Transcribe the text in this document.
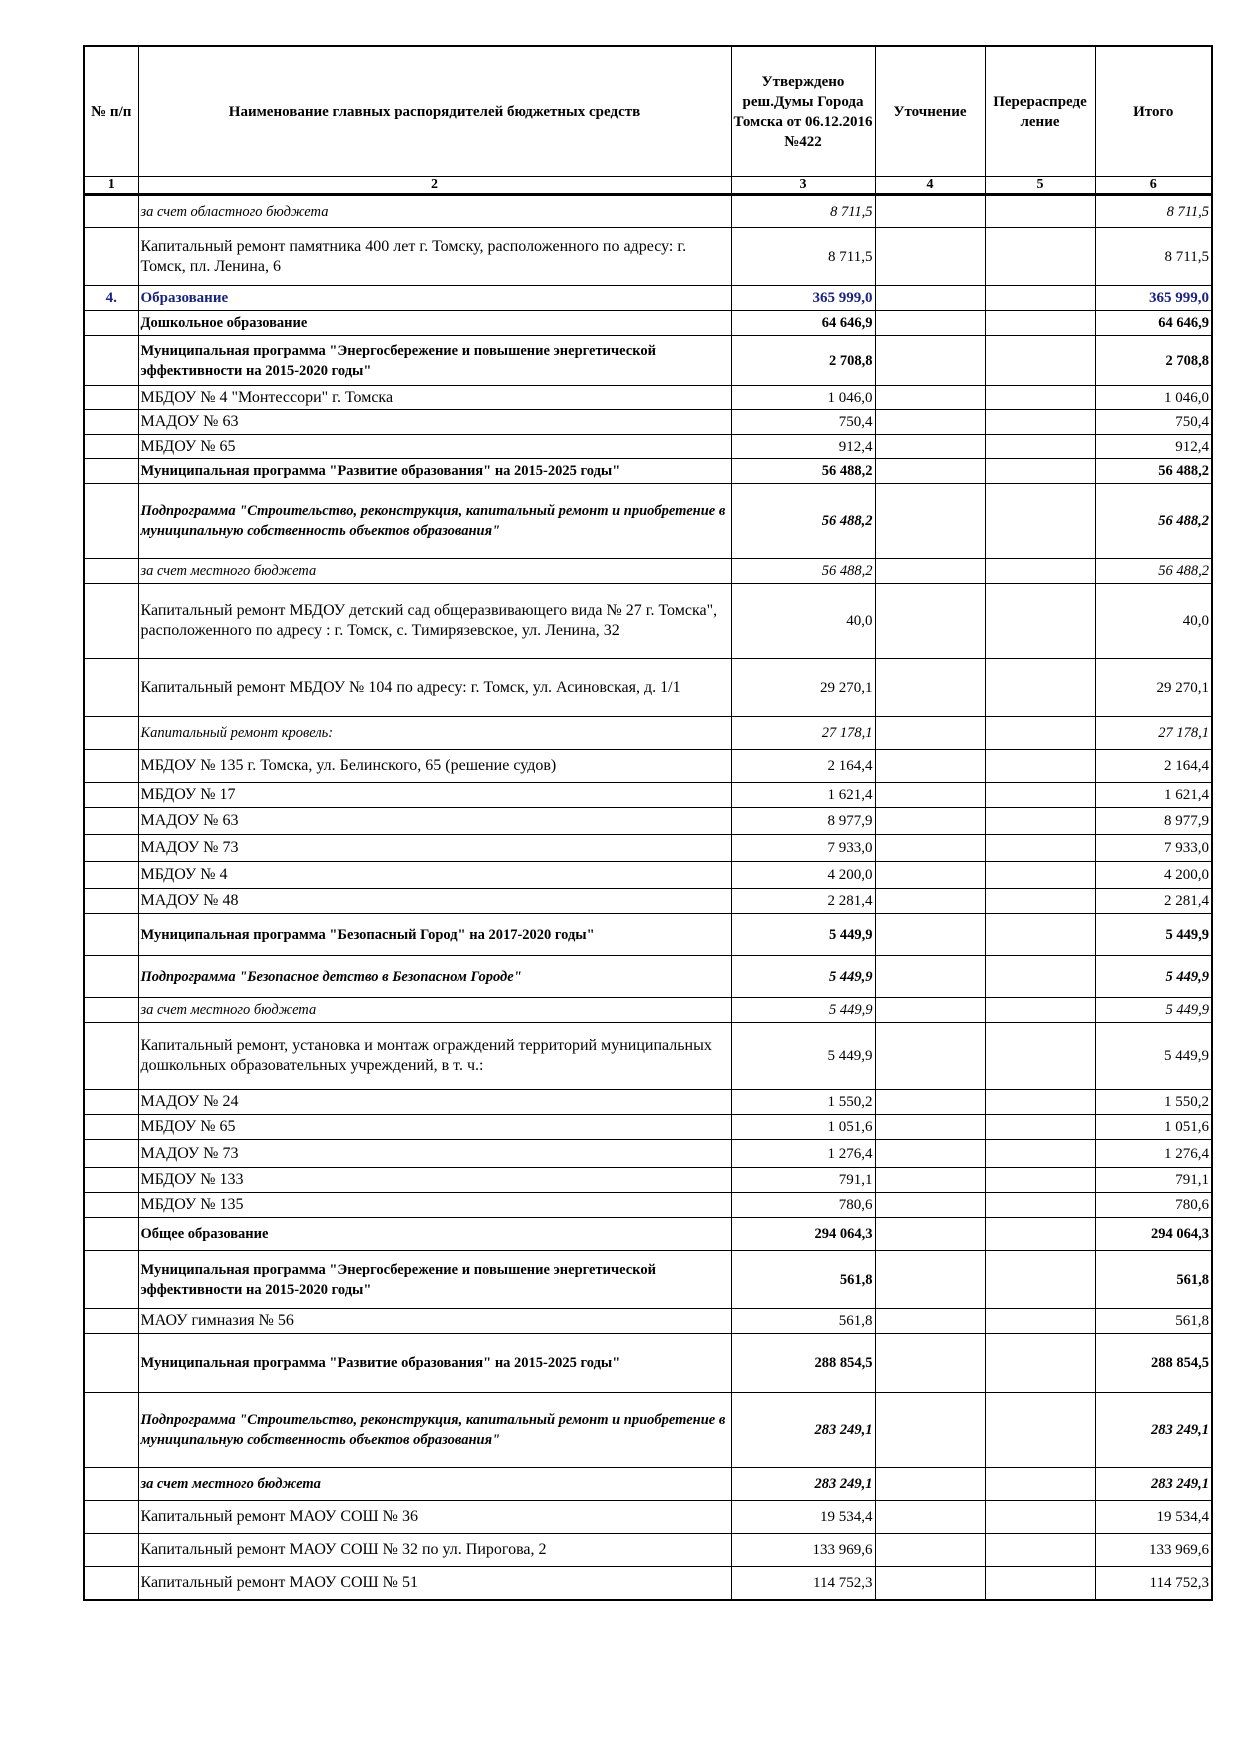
№ п/п	Наименование главных распорядителей бюджетных средств	Утверждено реш.Думы Города Томска от 06.12.2016 №422	Уточнение	Перераспреде ление	Итого
1	2	3	4	5	6
	за счет областного бюджета	8 711,5			8 711,5
	Капитальный ремонт памятника 400 лет г. Томску, расположенного по адресу: г. Томск, пл. Ленина, 6	8 711,5			8 711,5
4.	Образование	365 999,0			365 999,0
	Дошкольное образование	64 646,9			64 646,9
	Муниципальная программа "Энергосбережение и повышение энергетической эффективности на 2015-2020 годы"	2 708,8			2 708,8
	МБДОУ № 4 "Монтессори" г. Томска	1 046,0			1 046,0
	МАДОУ № 63	750,4			750,4
	МБДОУ № 65	912,4			912,4
	Муниципальная программа "Развитие образования" на 2015-2025 годы"	56 488,2			56 488,2
	Подпрограмма "Строительство, реконструкция, капитальный ремонт и приобретение в муниципальную собственность объектов образования"	56 488,2			56 488,2
	за счет местного бюджета	56 488,2			56 488,2
	Капитальный ремонт МБДОУ детский сад общеразвивающего вида № 27 г. Томска", расположенного по адресу : г. Томск, с. Тимирязевское, ул. Ленина, 32	40,0			40,0
	Капитальный ремонт МБДОУ № 104 по адресу: г. Томск, ул. Асиновская, д. 1/1	29 270,1			29 270,1
	Капитальный ремонт кровель:	27 178,1			27 178,1
	МБДОУ № 135 г. Томска, ул. Белинского, 65 (решение судов)	2 164,4			2 164,4
	МБДОУ № 17	1 621,4			1 621,4
	МАДОУ № 63	8 977,9			8 977,9
	МАДОУ № 73	7 933,0			7 933,0
	МБДОУ № 4	4 200,0			4 200,0
	МАДОУ № 48	2 281,4			2 281,4
	Муниципальная программа "Безопасный Город" на 2017-2020 годы"	5 449,9			5 449,9
	Подпрограмма "Безопасное детство в Безопасном Городе"	5 449,9			5 449,9
	за счет местного бюджета	5 449,9			5 449,9
	Капитальный ремонт, установка и монтаж ограждений территорий муниципальных дошкольных образовательных учреждений, в т. ч.:	5 449,9			5 449,9
	МАДОУ № 24	1 550,2			1 550,2
	МБДОУ № 65	1 051,6			1 051,6
	МАДОУ № 73	1 276,4			1 276,4
	МБДОУ № 133	791,1			791,1
	МБДОУ № 135	780,6			780,6
	Общее образование	294 064,3			294 064,3
	Муниципальная программа "Энергосбережение и повышение энергетической эффективности на 2015-2020 годы"	561,8			561,8
	МАОУ гимназия № 56	561,8			561,8
	Муниципальная программа "Развитие образования" на 2015-2025 годы"	288 854,5			288 854,5
	Подпрограмма "Строительство, реконструкция, капитальный ремонт и приобретение в муниципальную собственность объектов образования"	283 249,1			283 249,1
	за счет местного бюджета	283 249,1			283 249,1
	Капитальный ремонт МАОУ СОШ № 36	19 534,4			19 534,4
	Капитальный ремонт МАОУ СОШ № 32 по ул. Пирогова, 2	133 969,6			133 969,6
	Капитальный ремонт МАОУ СОШ № 51	114 752,3			114 752,3
